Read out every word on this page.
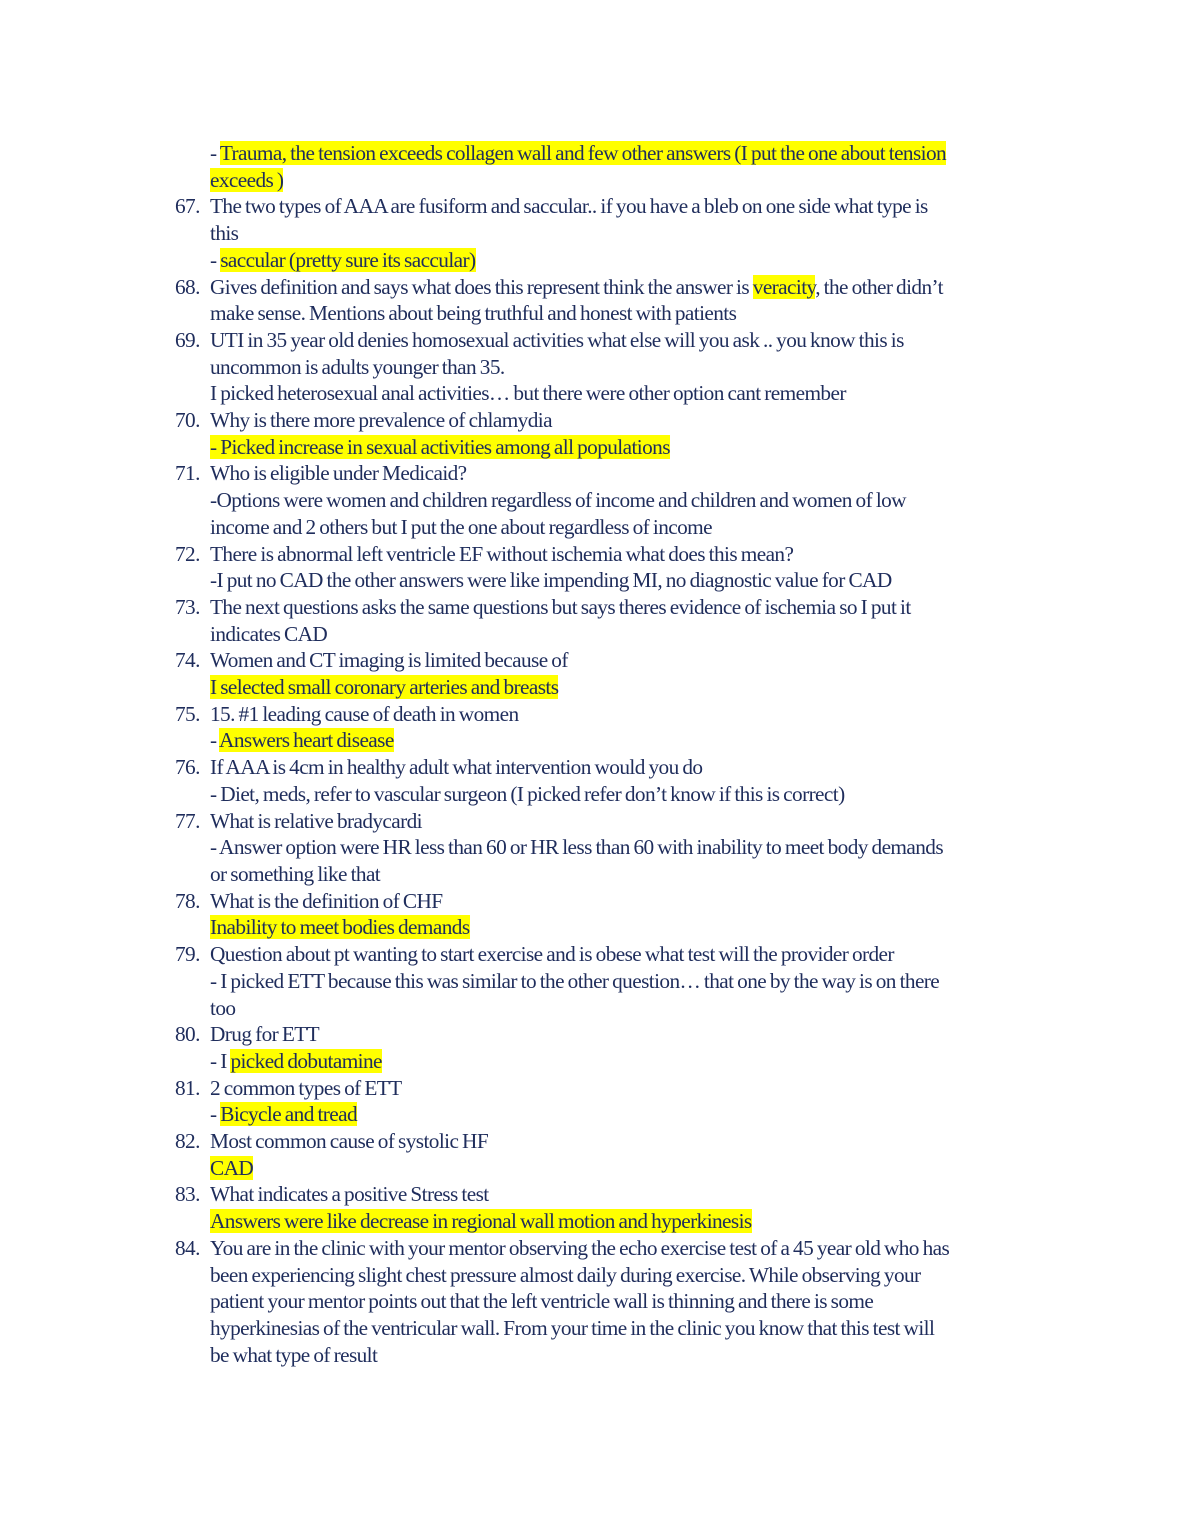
- Trauma, the tension exceeds collagen wall and few other answers (I put the one about tension
exceeds )
67. The two types of AAA are fusiform and saccular.. if you have a bleb on one side what type is
this
- saccular (pretty sure its saccular)
68. Gives definition and says what does this represent think the answer is veracity, the other didn’t
make sense. Mentions about being truthful and honest with patients
69. UTI in 35 year old denies homosexual activities what else will you ask .. you know this is
uncommon is adults younger than 35.
I picked heterosexual anal activities… but there were other option cant remember
70. Why is there more prevalence of chlamydia
- Picked increase in sexual activities among all populations
71. Who is eligible under Medicaid?
-Options were women and children regardless of income and children and women of low
income and 2 others but I put the one about regardless of income
72. There is abnormal left ventricle EF without ischemia what does this mean?
-I put no CAD the other answers were like impending MI, no diagnostic value for CAD
73. The next questions asks the same questions but says theres evidence of ischemia so I put it
indicates CAD
74. Women and CT imaging is limited because of
I selected small coronary arteries and breasts
75. 15. #1 leading cause of death in women
- Answers heart disease
76. If AAA is 4cm in healthy adult what intervention would you do
- Diet, meds, refer to vascular surgeon (I picked refer don’t know if this is correct)
77. What is relative bradycardi
- Answer option were HR less than 60 or HR less than 60 with inability to meet body demands
or something like that
78. What is the definition of CHF
Inability to meet bodies demands
79. Question about pt wanting to start exercise and is obese what test will the provider order
- I picked ETT because this was similar to the other question… that one by the way is on there
too
80. Drug for ETT
- I picked dobutamine
81. 2 common types of ETT
- Bicycle and tread
82. Most common cause of systolic HF
CAD
83. What indicates a positive Stress test
Answers were like decrease in regional wall motion and hyperkinesis
84. You are in the clinic with your mentor observing the echo exercise test of a 45 year old who has
been experiencing slight chest pressure almost daily during exercise. While observing your
patient your mentor points out that the left ventricle wall is thinning and there is some
hyperkinesias of the ventricular wall. From your time in the clinic you know that this test will
be what type of result
